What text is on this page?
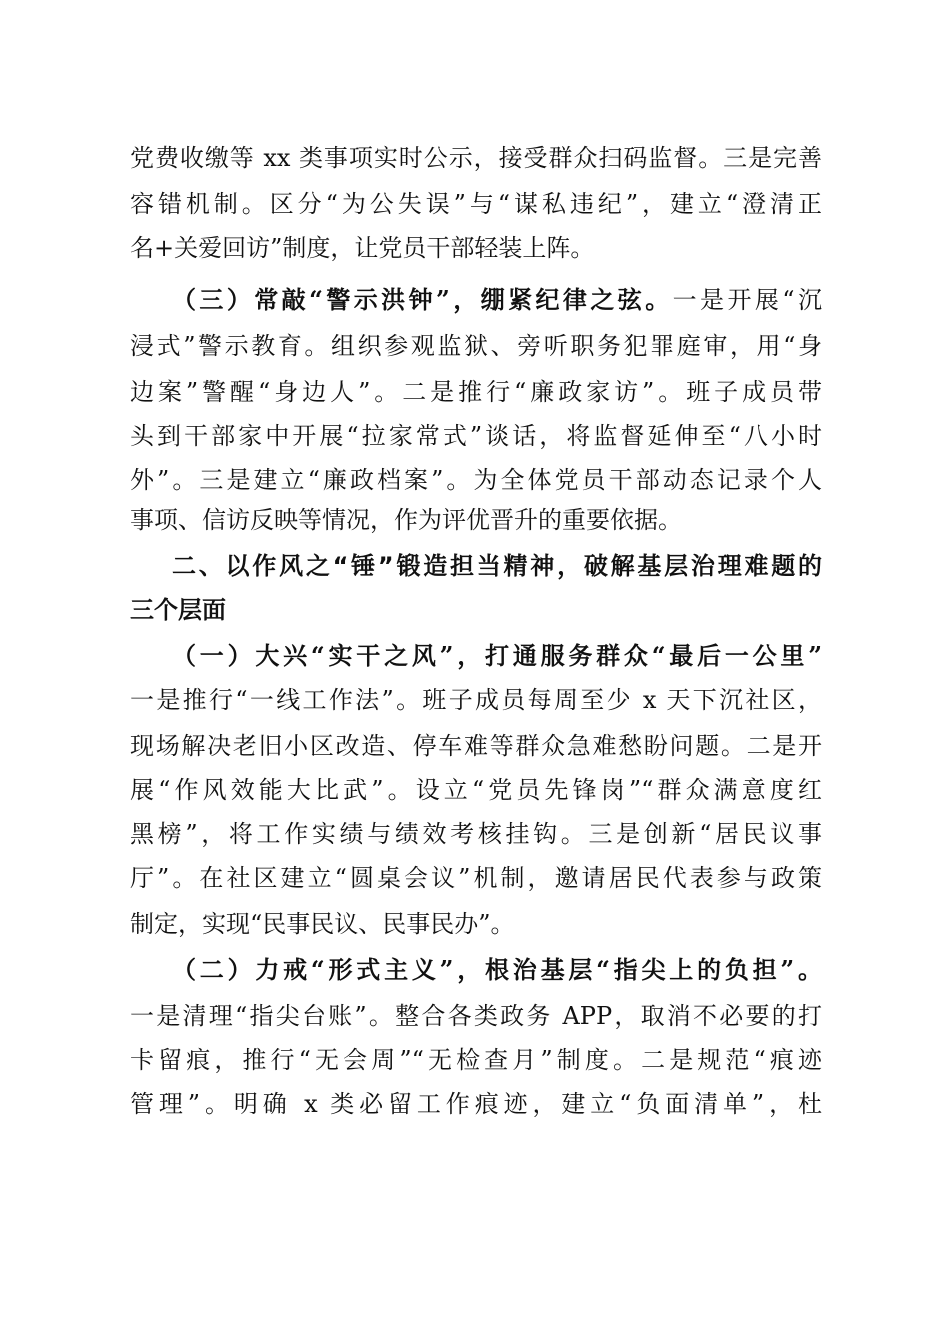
党费收缴等 xx 类事项实时公示，接受群众扫码监督。三是完善
容错机制。区分“为公失误”与“谋私违纪”，建立“澄清正
名+关爱回访”制度，让党员干部轻装上阵。
（三）常敲“警示洪钟”，绷紧纪律之弦。一是开展“沉
浸式”警示教育。组织参观监狱、旁听职务犯罪庭审，用“身
边案”警醒“身边人”。二是推行“廉政家访”。班子成员带
头到干部家中开展“拉家常式”谈话，将监督延伸至“八小时
外”。三是建立“廉政档案”。为全体党员干部动态记录个人
事项、信访反映等情况，作为评优晋升的重要依据。
二、以作风之“锤”锻造担当精神，破解基层治理难题的
三个层面
（一）大兴“实干之风”，打通服务群众“最后一公里”
一是推行“一线工作法”。班子成员每周至少 x 天下沉社区，
现场解决老旧小区改造、停车难等群众急难愁盼问题。二是开
展“作风效能大比武”。设立“党员先锋岗”“群众满意度红
黑榜”，将工作实绩与绩效考核挂钩。三是创新“居民议事
厅”。在社区建立“圆桌会议”机制，邀请居民代表参与政策
制定，实现“民事民议、民事民办”。
（二）力戒“形式主义”，根治基层“指尖上的负担”。
一是清理“指尖台账”。整合各类政务 APP，取消不必要的打
卡留痕，推行“无会周”“无检查月”制度。二是规范“痕迹
管理”。明确 x 类必留工作痕迹，建立“负面清单”，杜
